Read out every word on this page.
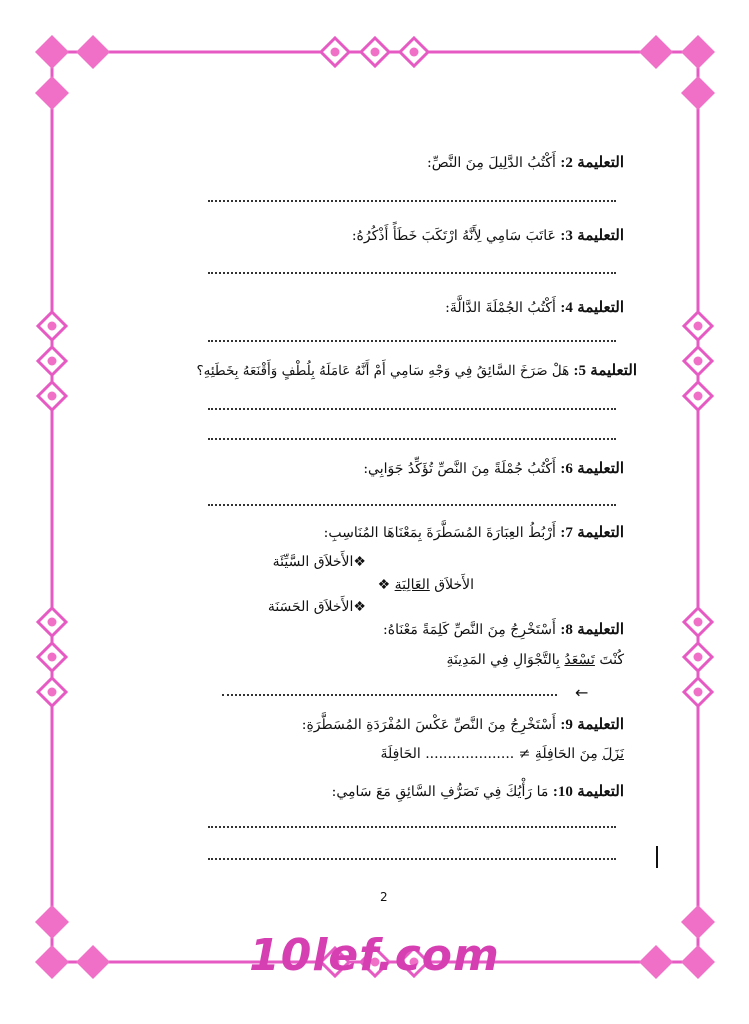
التعليمة 2: أَكْتُبُ الدَّلِيلَ مِنَ النَّصِّ:
التعليمة 3: عَاتَبَ سَامِي لِأَنَّهُ ارْتَكَبَ خَطَأً أَذْكُرُهُ:
التعليمة 4: أَكْتُبُ الجُمْلَةَ الدَّالَّةَ:
التعليمة 5: هَلْ صَرَخَ السَّائِقُ فِي وَجْهِ سَامِي أَمْ أَنَّهُ عَامَلَهُ بِلُطْفٍ وَأَقْنَعَهُ بِخَطَئِهِ؟
التعليمة 6: أَكْتُبُ جُمْلَةً مِنَ النَّصِّ تُؤَكِّدُ جَوَابِي:
التعليمة 7: أَرْبُطُ العِبَارَةَ المُسَطَّرَةَ بِمَعْنَاهَا المُنَاسِبِ:
❖الأَخلاَق السَّيِّئَة
الأَخلاَق العَالِيَة ❖
❖الأَخلاَق الحَسَنَة
التعليمة 8: أَسْتَخْرِجُ مِنَ النَّصِّ كَلِمَةً مَعْنَاهُ:
كُنْتَ تَسْعَدُ بِالتَّجْوَالِ فِي المَدِينَةِ
←
التعليمة 9: أَسْتَخْرِجُ مِنَ النَّصِّ عَكْسَ المُفْرَدَةِ المُسَطَّرَةِ:
نَزَلَ مِنَ الحَافِلَةِ ≠ .................... الحَافِلَةَ
التعليمة 10: مَا رَأْيُكَ فِي تَصَرُّفِ السَّائِقِ مَعَ سَامِي:
2
10lef.com
